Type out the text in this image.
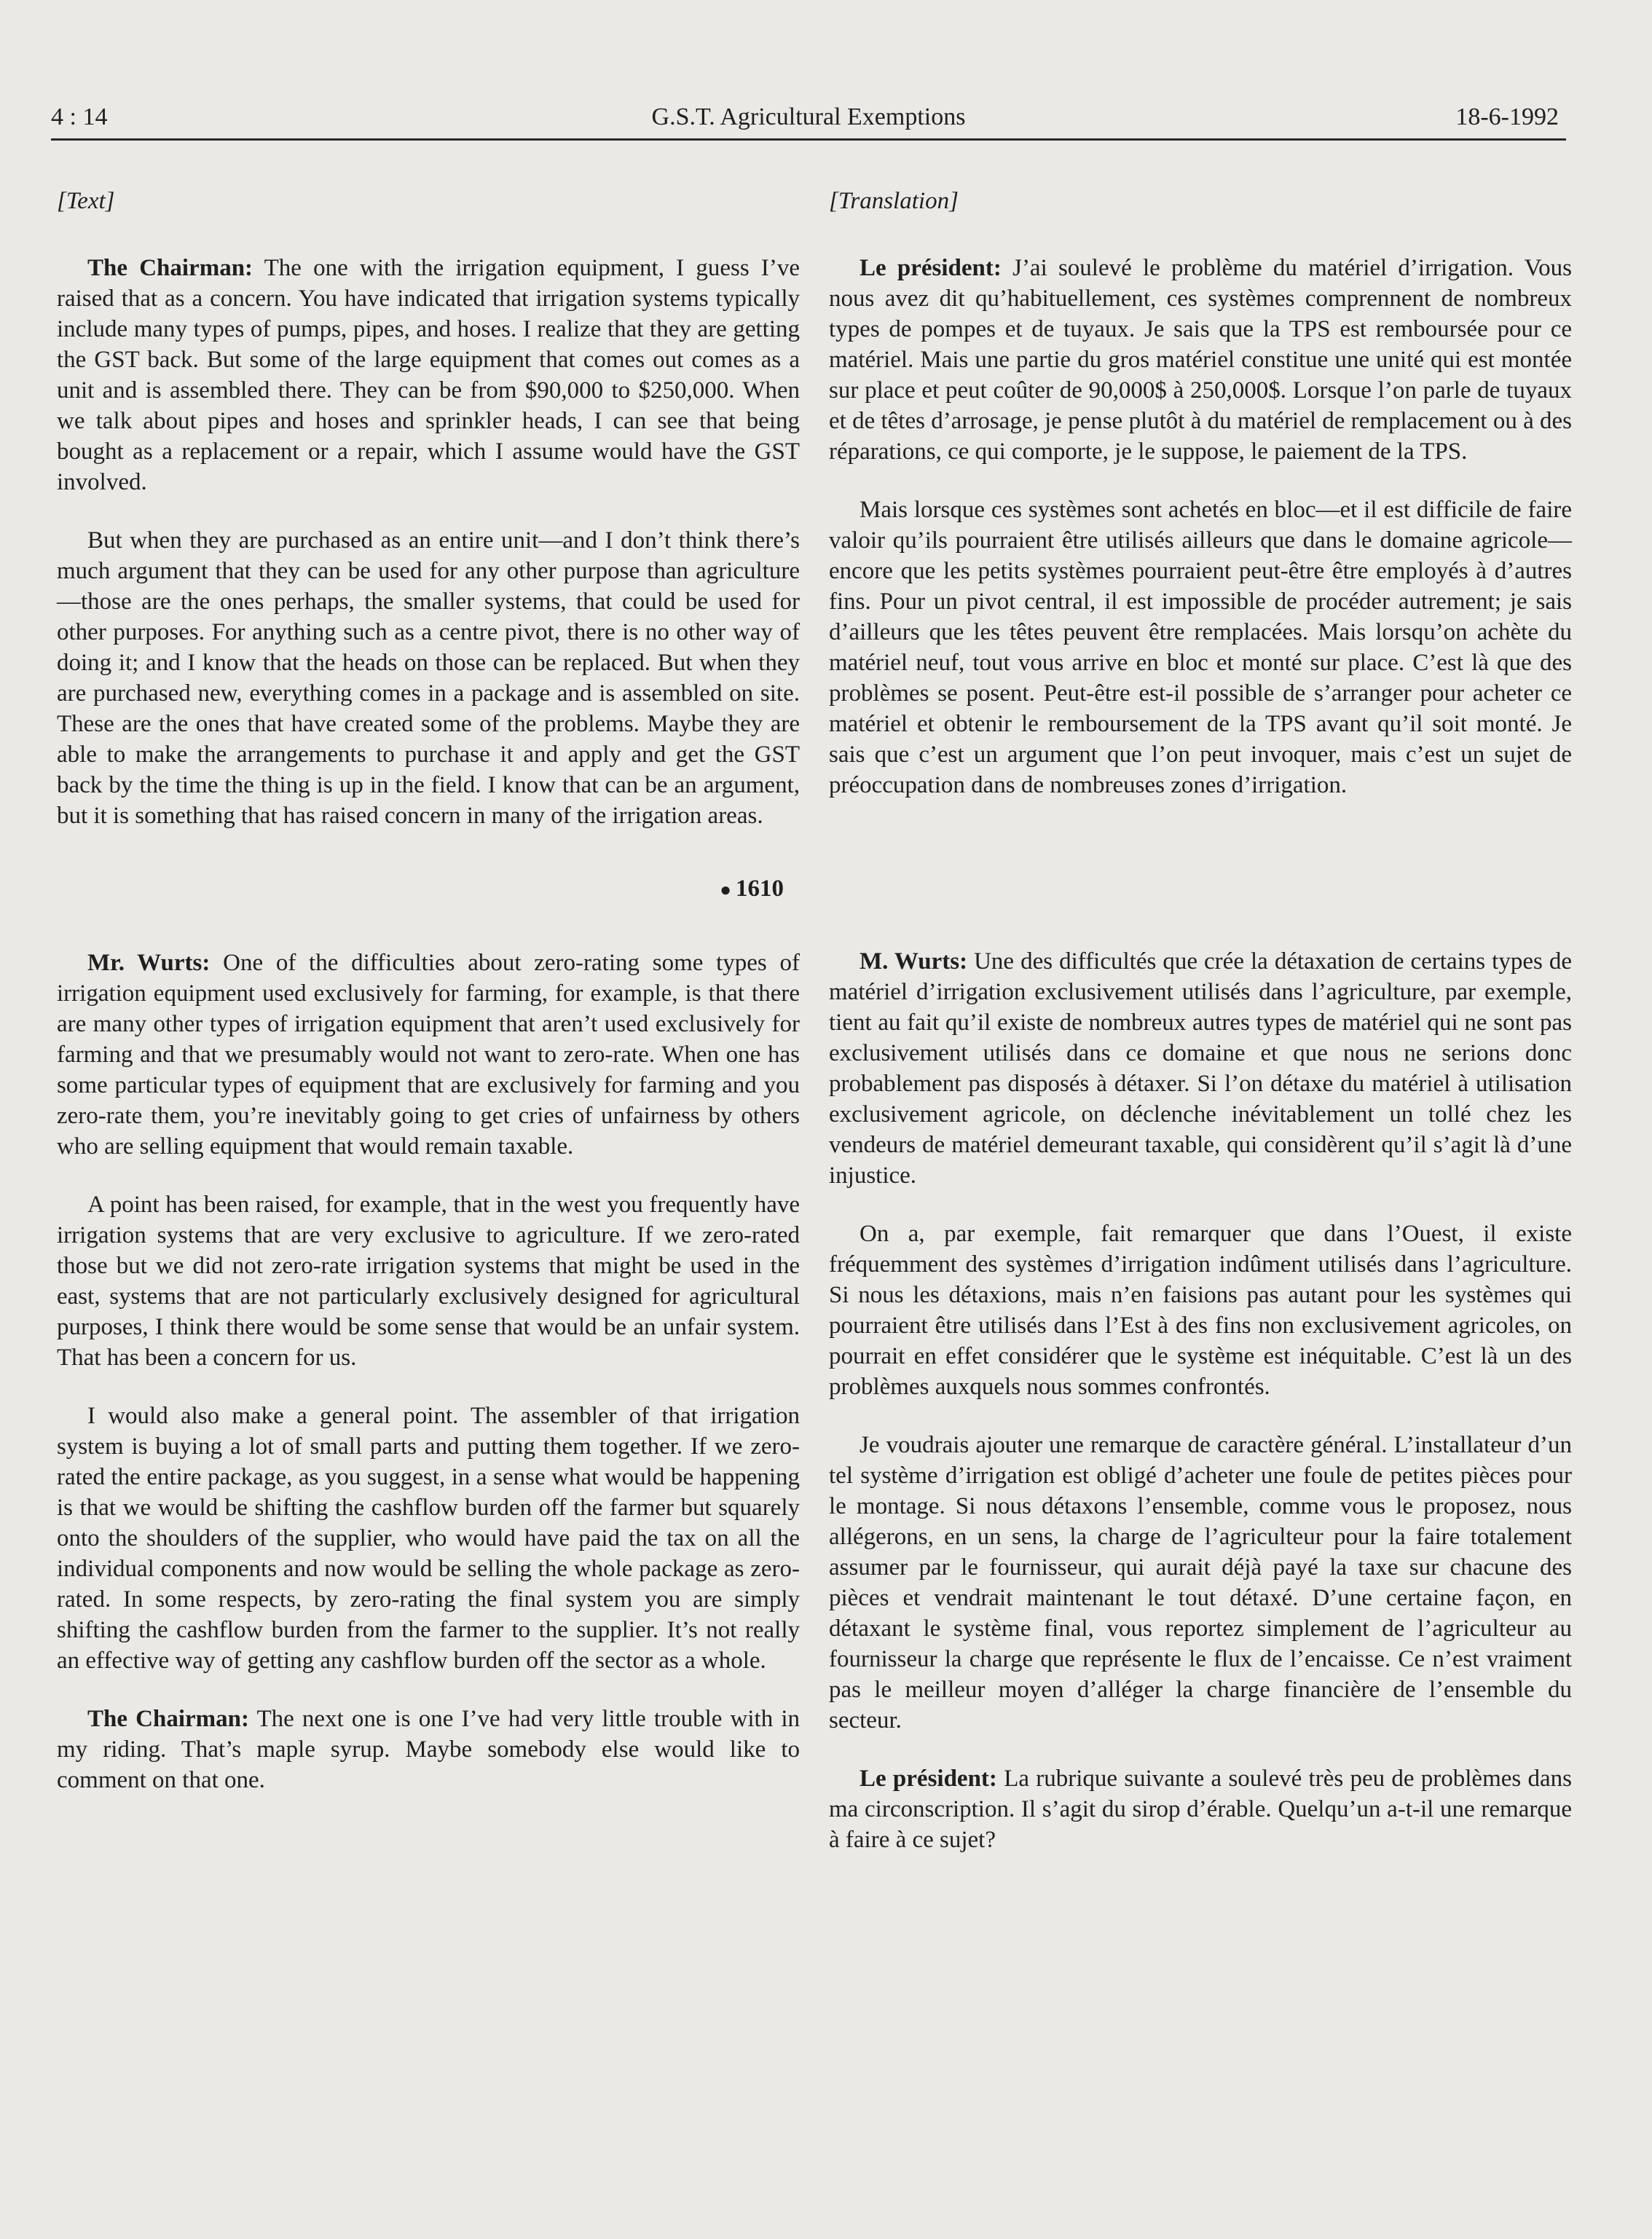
4 : 14	G.S.T. Agricultural Exemptions	18-6-1992

[Text]

The Chairman: The one with the irrigation equipment, I guess I’ve raised that as a concern. You have indicated that irrigation systems typically include many types of pumps, pipes, and hoses. I realize that they are getting the GST back. But some of the large equipment that comes out comes as a unit and is assembled there. They can be from $90,000 to $250,000. When we talk about pipes and hoses and sprinkler heads, I can see that being bought as a replacement or a repair, which I assume would have the GST involved.

But when they are purchased as an entire unit—and I don’t think there’s much argument that they can be used for any other purpose than agriculture—those are the ones perhaps, the smaller systems, that could be used for other purposes. For anything such as a centre pivot, there is no other way of doing it; and I know that the heads on those can be replaced. But when they are purchased new, everything comes in a package and is assembled on site. These are the ones that have created some of the problems. Maybe they are able to make the arrangements to purchase it and apply and get the GST back by the time the thing is up in the field. I know that can be an argument, but it is something that has raised concern in many of the irrigation areas.

● 1610

Mr. Wurts: One of the difficulties about zero-rating some types of irrigation equipment used exclusively for farming, for example, is that there are many other types of irrigation equipment that aren’t used exclusively for farming and that we presumably would not want to zero-rate. When one has some particular types of equipment that are exclusively for farming and you zero-rate them, you’re inevitably going to get cries of unfairness by others who are selling equipment that would remain taxable.

A point has been raised, for example, that in the west you frequently have irrigation systems that are very exclusive to agriculture. If we zero-rated those but we did not zero-rate irrigation systems that might be used in the east, systems that are not particularly exclusively designed for agricultural purposes, I think there would be some sense that would be an unfair system. That has been a concern for us.

I would also make a general point. The assembler of that irrigation system is buying a lot of small parts and putting them together. If we zero-rated the entire package, as you suggest, in a sense what would be happening is that we would be shifting the cashflow burden off the farmer but squarely onto the shoulders of the supplier, who would have paid the tax on all the individual components and now would be selling the whole package as zero-rated. In some respects, by zero-rating the final system you are simply shifting the cashflow burden from the farmer to the supplier. It’s not really an effective way of getting any cashflow burden off the sector as a whole.

The Chairman: The next one is one I’ve had very little trouble with in my riding. That’s maple syrup. Maybe somebody else would like to comment on that one.

[Translation]

Le président: J’ai soulevé le problème du matériel d’irrigation. Vous nous avez dit qu’habituellement, ces systèmes comprennent de nombreux types de pompes et de tuyaux. Je sais que la TPS est remboursée pour ce matériel. Mais une partie du gros matériel constitue une unité qui est montée sur place et peut coûter de 90,000$ à 250,000$. Lorsque l’on parle de tuyaux et de têtes d’arrosage, je pense plutôt à du matériel de remplacement ou à des réparations, ce qui comporte, je le suppose, le paiement de la TPS.

Mais lorsque ces systèmes sont achetés en bloc—et il est difficile de faire valoir qu’ils pourraient être utilisés ailleurs que dans le domaine agricole—encore que les petits systèmes pourraient peut-être être employés à d’autres fins. Pour un pivot central, il est impossible de procéder autrement; je sais d’ailleurs que les têtes peuvent être remplacées. Mais lorsqu’on achète du matériel neuf, tout vous arrive en bloc et monté sur place. C’est là que des problèmes se posent. Peut-être est-il possible de s’arranger pour acheter ce matériel et obtenir le remboursement de la TPS avant qu’il soit monté. Je sais que c’est un argument que l’on peut invoquer, mais c’est un sujet de préoccupation dans de nombreuses zones d’irrigation.

M. Wurts: Une des difficultés que crée la détaxation de certains types de matériel d’irrigation exclusivement utilisés dans l’agriculture, par exemple, tient au fait qu’il existe de nombreux autres types de matériel qui ne sont pas exclusivement utilisés dans ce domaine et que nous ne serions donc probablement pas disposés à détaxer. Si l’on détaxe du matériel à utilisation exclusivement agricole, on déclenche inévitablement un tollé chez les vendeurs de matériel demeurant taxable, qui considèrent qu’il s’agit là d’une injustice.

On a, par exemple, fait remarquer que dans l’Ouest, il existe fréquemment des systèmes d’irrigation indûment utilisés dans l’agriculture. Si nous les détaxions, mais n’en faisions pas autant pour les systèmes qui pourraient être utilisés dans l’Est à des fins non exclusivement agricoles, on pourrait en effet considérer que le système est inéquitable. C’est là un des problèmes auxquels nous sommes confrontés.

Je voudrais ajouter une remarque de caractère général. L’installateur d’un tel système d’irrigation est obligé d’acheter une foule de petites pièces pour le montage. Si nous détaxons l’ensemble, comme vous le proposez, nous allégerons, en un sens, la charge de l’agriculteur pour la faire totalement assumer par le fournisseur, qui aurait déjà payé la taxe sur chacune des pièces et vendrait maintenant le tout détaxé. D’une certaine façon, en détaxant le système final, vous reportez simplement de l’agriculteur au fournisseur la charge que représente le flux de l’encaisse. Ce n’est vraiment pas le meilleur moyen d’alléger la charge financière de l’ensemble du secteur.

Le président: La rubrique suivante a soulevé très peu de problèmes dans ma circonscription. Il s’agit du sirop d’érable. Quelqu’un a-t-il une remarque à faire à ce sujet?
